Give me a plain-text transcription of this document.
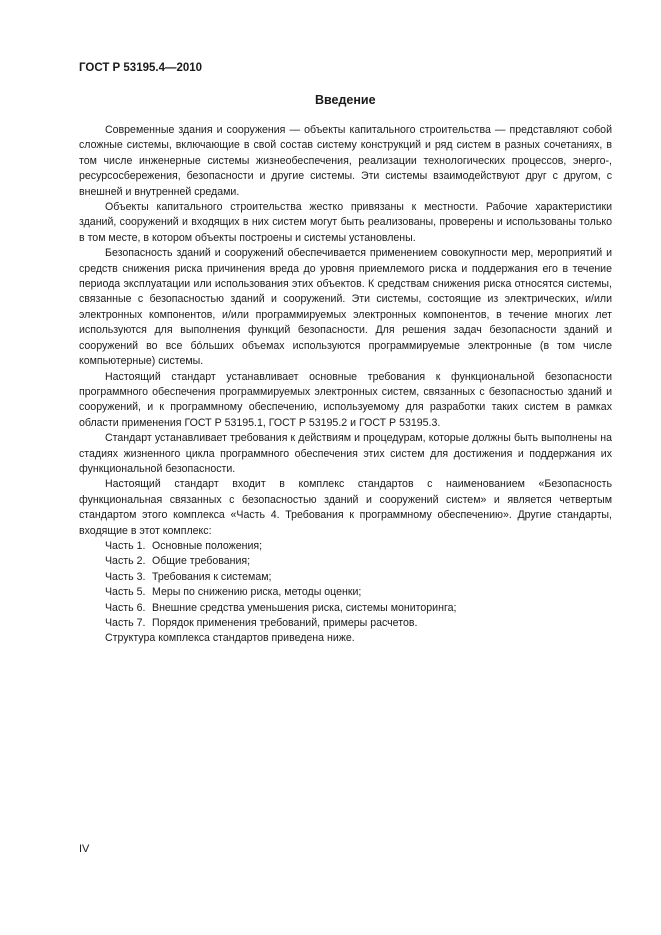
ГОСТ Р 53195.4—2010
Введение

Современные здания и сооружения — объекты капитального строительства — представляют собой сложные системы, включающие в свой состав систему конструкций и ряд систем в разных сочетаниях, в том числе инженерные системы жизнеобеспечения, реализации технологических процессов, энерго-, ресурсосбережения, безопасности и другие системы. Эти системы взаимодействуют друг с другом, с внешней и внутренней средами.

Объекты капитального строительства жестко привязаны к местности. Рабочие характеристики зданий, сооружений и входящих в них систем могут быть реализованы, проверены и использованы только в том месте, в котором объекты построены и системы установлены.

Безопасность зданий и сооружений обеспечивается применением совокупности мер, мероприятий и средств снижения риска причинения вреда до уровня приемлемого риска и поддержания его в течение периода эксплуатации или использования этих объектов. К средствам снижения риска относятся системы, связанные с безопасностью зданий и сооружений. Эти системы, состоящие из электрических, и/или электронных компонентов, и/или программируемых электронных компонентов, в течение многих лет используются для выполнения функций безопасности. Для решения задач безопасности зданий и сооружений во все бóльших объемах используются программируемые электронные (в том числе компьютерные) системы.

Настоящий стандарт устанавливает основные требования к функциональной безопасности программного обеспечения программируемых электронных систем, связанных с безопасностью зданий и сооружений, и к программному обеспечению, используемому для разработки таких систем в рамках области применения ГОСТ Р 53195.1, ГОСТ Р 53195.2 и ГОСТ Р 53195.3.

Стандарт устанавливает требования к действиям и процедурам, которые должны быть выполнены на стадиях жизненного цикла программного обеспечения этих систем для достижения и поддержания их функциональной безопасности.

Настоящий стандарт входит в комплекс стандартов с наименованием «Безопасность функциональная связанных с безопасностью зданий и сооружений систем» и является четвертым стандартом этого комплекса «Часть 4. Требования к программному обеспечению». Другие стандарты, входящие в этот комплекс:

Часть 1. Основные положения;
Часть 2. Общие требования;
Часть 3. Требования к системам;
Часть 5. Меры по снижению риска, методы оценки;
Часть 6. Внешние средства уменьшения риска, системы мониторинга;
Часть 7. Порядок применения требований, примеры расчетов.

Структура комплекса стандартов приведена ниже.

IV
